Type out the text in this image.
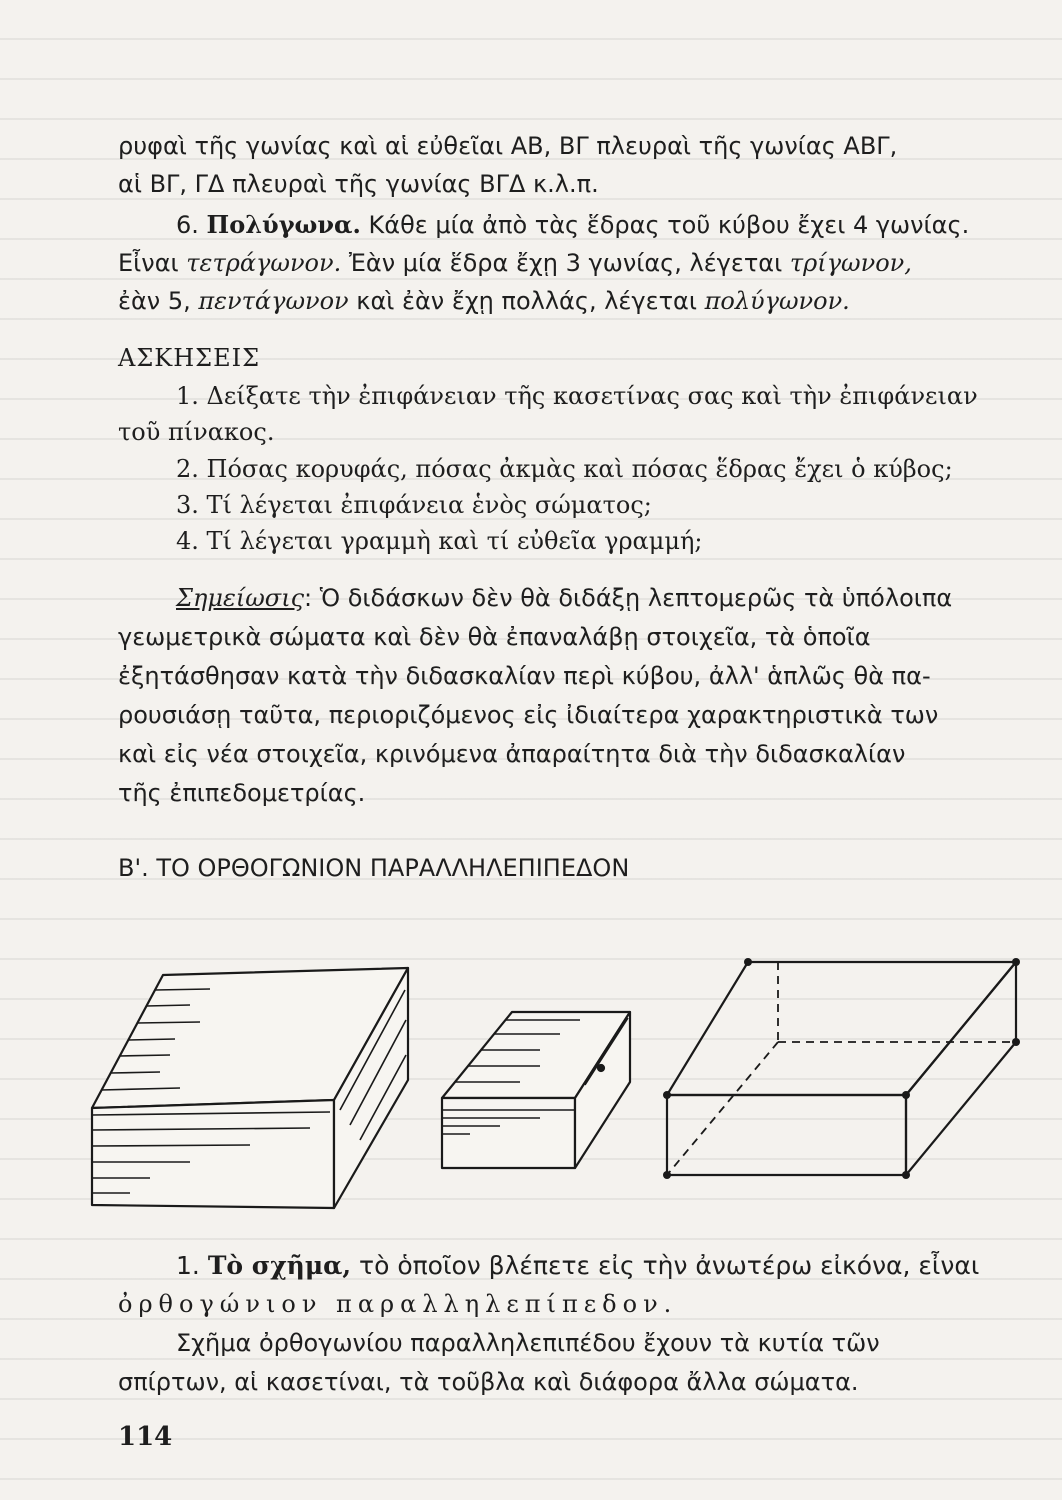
ρυφαὶ τῆς γωνίας καὶ αἱ εὐθεῖαι ΑΒ, ΒΓ πλευραὶ τῆς γωνίας ΑΒΓ,
αἱ ΒΓ, ΓΔ πλευραὶ τῆς γωνίας ΒΓΔ κ.λ.π.
6. Πολύγωνα. Κάθε μία ἀπὸ τὰς ἕδρας τοῦ κύβου ἔχει 4 γωνίας.
Εἶναι τετράγωνον. Ἐὰν μία ἕδρα ἔχῃ 3 γωνίας, λέγεται τρίγωνον,
ἐὰν 5, πεντάγωνον καὶ ἐὰν ἔχῃ πολλάς, λέγεται πολύγωνον.
ΑΣΚΗΣΕΙΣ
1. Δείξατε τὴν ἐπιφάνειαν τῆς κασετίνας σας καὶ τὴν ἐπιφάνειαν
τοῦ πίνακος.
2. Πόσας κορυφάς, πόσας ἀκμὰς καὶ πόσας ἕδρας ἔχει ὁ κύβος;
3. Τί λέγεται ἐπιφάνεια ἑνὸς σώματος;
4. Τί λέγεται γραμμὴ καὶ τί εὐθεῖα γραμμή;
Σημείωσις: Ὁ διδάσκων δὲν θὰ διδάξῃ λεπτομερῶς τὰ ὑπόλοιπα
γεωμετρικὰ σώματα καὶ δὲν θὰ ἐπαναλάβῃ στοιχεῖα, τὰ ὁποῖα
ἐξητάσθησαν κατὰ τὴν διδασκαλίαν περὶ κύβου, ἀλλ' ἁπλῶς θὰ πα-
ρουσιάσῃ ταῦτα, περιοριζόμενος εἰς ἰδιαίτερα χαρακτηριστικὰ των
καὶ εἰς νέα στοιχεῖα, κρινόμενα ἀπαραίτητα διὰ τὴν διδασκαλίαν
τῆς ἐπιπεδομετρίας.
Β'. ΤΟ ΟΡΘΟΓΩΝΙΟΝ ΠΑΡΑΛΛΗΛΕΠΙΠΕΔΟΝ
1. Τὸ σχῆμα, τὸ ὁποῖον βλέπετε εἰς τὴν ἀνωτέρω εἰκόνα, εἶναι
ὀρθογώνιον παραλληλεπίπεδον.
Σχῆμα ὀρθογωνίου παραλληλεπιπέδου ἔχουν τὰ κυτία τῶν
σπίρτων, αἱ κασετίναι, τὰ τοῦβλα καὶ διάφορα ἄλλα σώματα.
114
